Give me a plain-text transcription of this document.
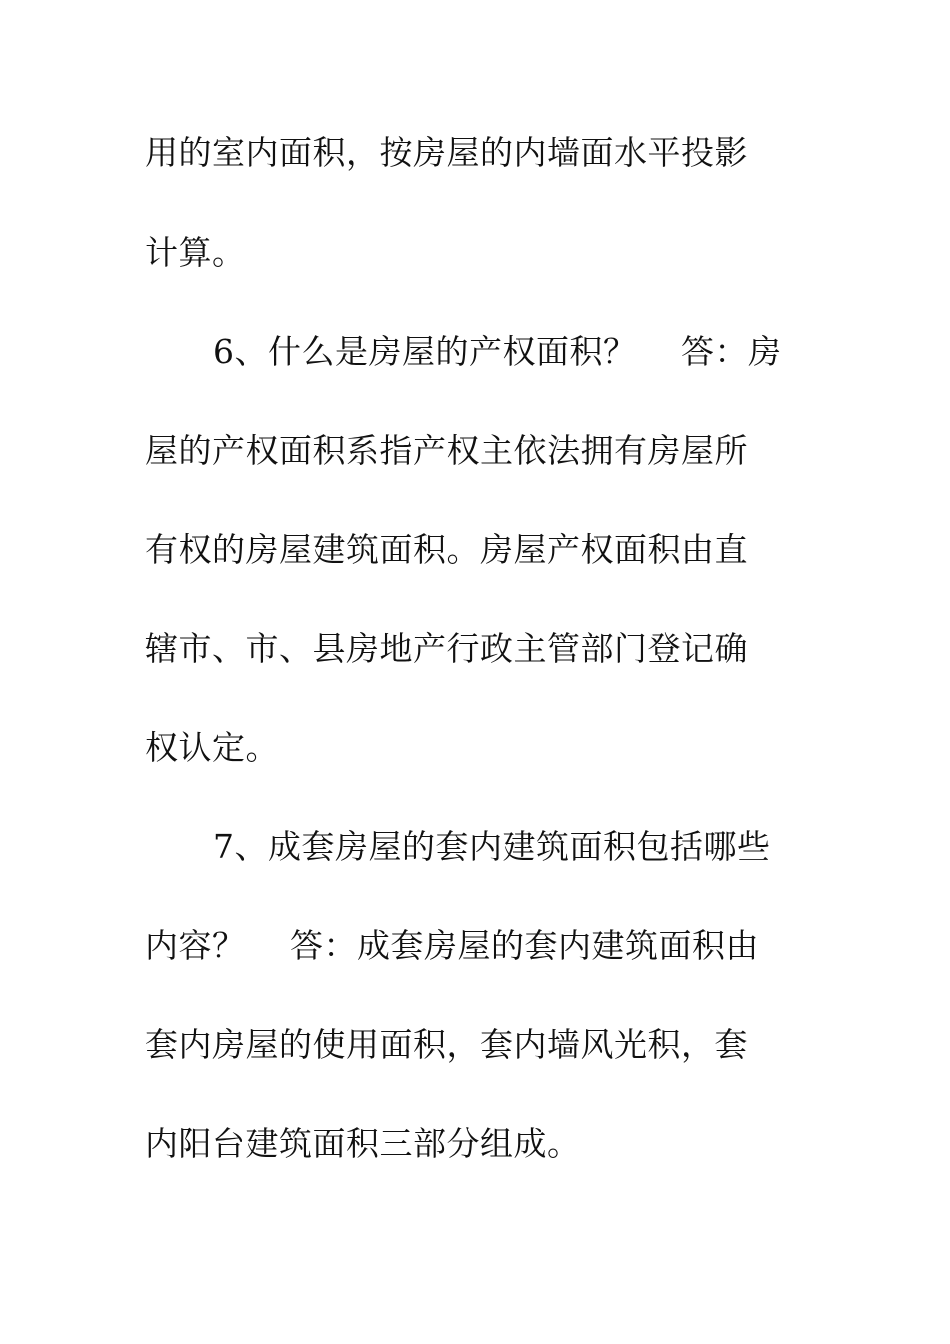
用的室内面积，按房屋的内墙面水平投影
计算。
6、什么是房屋的产权面积？　 答：房
屋的产权面积系指产权主依法拥有房屋所
有权的房屋建筑面积。房屋产权面积由直
辖市、市、县房地产行政主管部门登记确
权认定。
7、成套房屋的套内建筑面积包括哪些
内容？　 答：成套房屋的套内建筑面积由
套内房屋的使用面积，套内墙风光积，套
内阳台建筑面积三部分组成。
